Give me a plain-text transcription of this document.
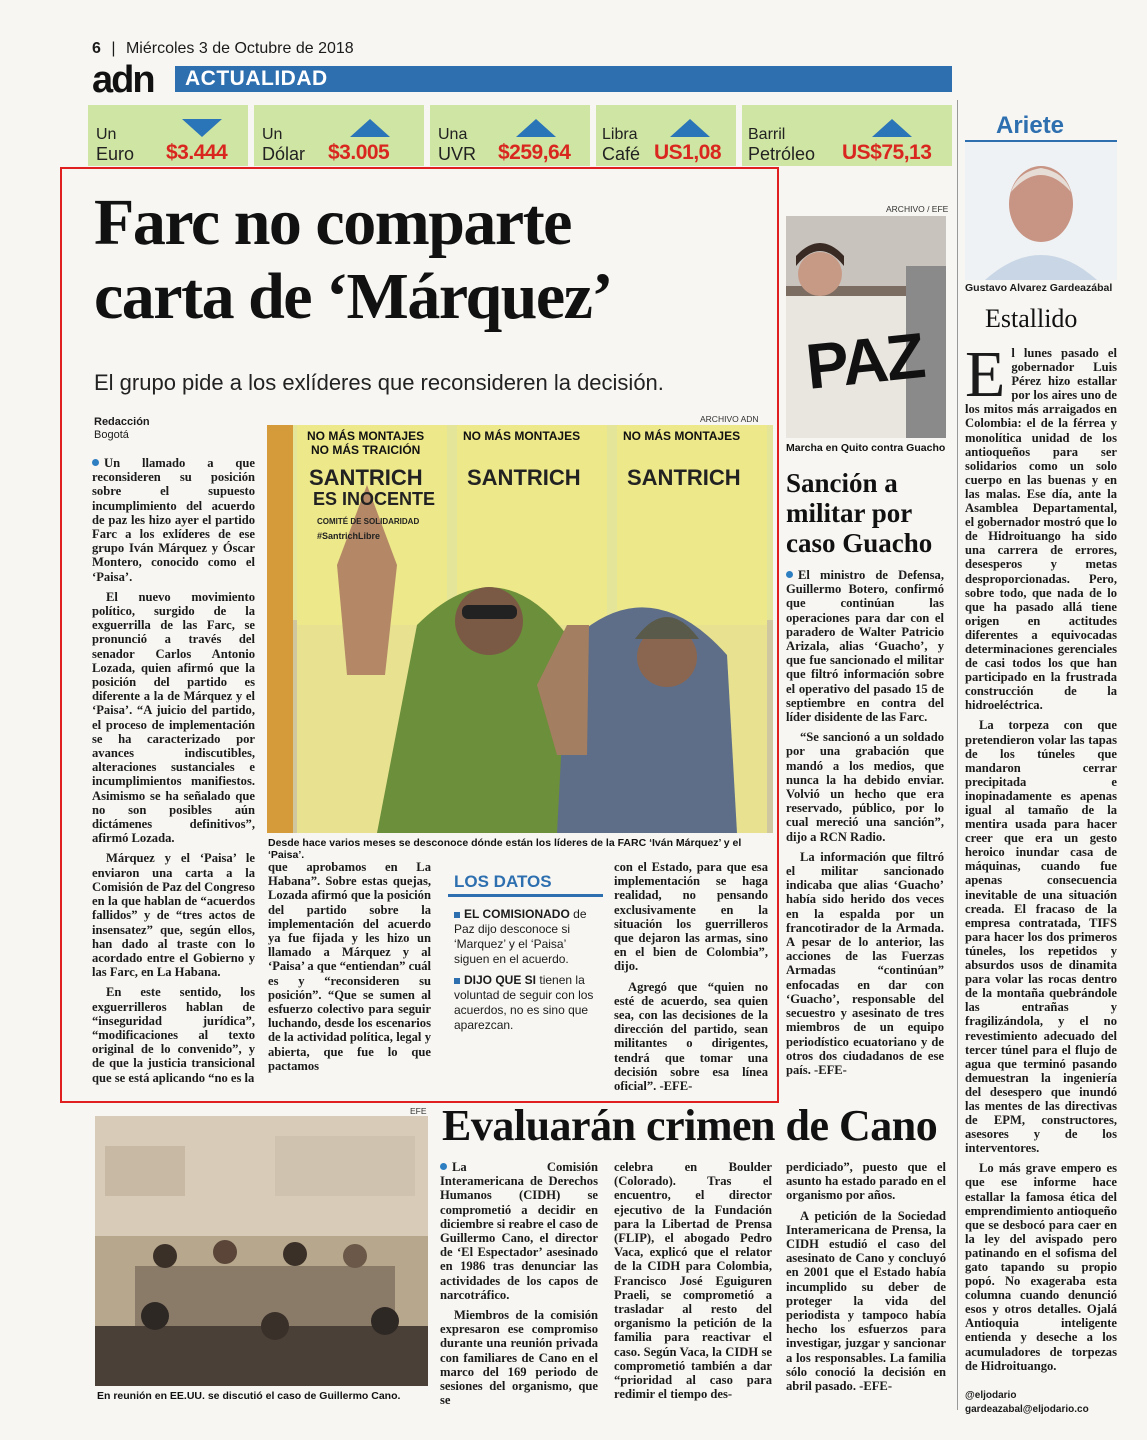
6 | Miércoles 3 de Octubre de 2018
adn ACTUALIDAD
Un
Euro $3.444
Un
Dólar $3.005
Una
UVR $259,64
Libra
Café US1,08
Barril
Petróleo US$75,13
Farc no comparte
carta de ‘Márquez’
El grupo pide a los exlíderes que reconsideren la decisión.
Redacción
Bogotá

Un llamado a que reconsideren su posición sobre el supuesto incumplimiento del acuerdo de paz les hizo ayer el partido Farc a los exlíderes de ese grupo Iván Márquez y Óscar Montero, conocido como el ‘Paisa’.

El nuevo movimiento político, surgido de la exguerrilla de las Farc, se pronunció a través del senador Carlos Antonio Lozada, quien afirmó que la posición del partido es diferente a la de Márquez y el ‘Paisa’. “A juicio del partido, el proceso de implementación se ha caracterizado por avances indiscutibles, alteraciones sustanciales e incumplimientos manifiestos. Asimismo se ha señalado que no son posibles aún dictámenes definitivos”, afirmó Lozada.

Márquez y el ‘Paisa’ le enviaron una carta a la Comisión de Paz del Congreso en la que hablan de “acuerdos fallidos” y de “tres actos de insensatez” que, según ellos, han dado al traste con lo acordado entre el Gobierno y las Farc, en La Habana.

En este sentido, los exguerrilleros hablan de “inseguridad jurídica”, “modificaciones al texto original de lo convenido”, y de que la justicia transicional que se está aplicando “no es la

ARCHIVO ADN
NO MÁS MONTAJES
NO MÁS TRAICIÓN
SANTRICH
ES INOCENTE
COMITÉ DE SOLIDARIDAD
#SantrichLibre
NO MÁS MONTAJES
SANTRICH
NO MÁS MONTAJES
SANTRICH
Desde hace varios meses se desconoce dónde están los líderes de la FARC ‘Iván Márquez’ y el ‘Paisa’.

que aprobamos en La Habana”. Sobre estas quejas, Lozada afirmó que la posición del partido sobre la implementación del acuerdo ya fue fijada y les hizo un llamado a Márquez y al ‘Paisa’ a que “entiendan” cuál es y “reconsideren su posición”. “Que se sumen al esfuerzo colectivo para seguir luchando, desde los escenarios de la actividad política, legal y abierta, que fue lo que pactamos

LOS DATOS
EL COMISIONADO de Paz dijo desconoce si ‘Marquez’ y el ‘Paisa’ siguen en el acuerdo.
DIJO QUE SI tienen la voluntad de seguir con los acuerdos, no es sino que aparezcan.

con el Estado, para que esa implementación se haga realidad, no pensando exclusivamente en la situación los guerrilleros que dejaron las armas, sino en el bien de Colombia”, dijo.

Agregó que “quien no esté de acuerdo, sea quien sea, con las decisiones de la dirección del partido, sean militantes o dirigentes, tendrá que tomar una decisión sobre esa línea oficial”. -EFE-

ARCHIVO / EFE
PAZ
Marcha en Quito contra Guacho
Sanción a militar por caso Guacho

El ministro de Defensa, Guillermo Botero, confirmó que continúan las operaciones para dar con el paradero de Walter Patricio Arizala, alias ‘Guacho’, y que fue sancionado el militar que filtró información sobre el operativo del pasado 15 de septiembre en contra del líder disidente de las Farc.

“Se sancionó a un soldado por una grabación que mandó a los medios, que nunca la ha debido enviar. Volvió un hecho que era reservado, público, por lo cual mereció una sanción”, dijo a RCN Radio.

La información que filtró el militar sancionado indicaba que alias ‘Guacho’ había sido herido dos veces en la espalda por un francotirador de la Armada. A pesar de lo anterior, las acciones de las Fuerzas Armadas “continúan” enfocadas en dar con ‘Guacho’, responsable del secuestro y asesinato de tres miembros de un equipo periodístico ecuatoriano y de otros dos ciudadanos de ese país. -EFE-

Ariete
Gustavo Alvarez Gardeazábal
Estallido

El lunes pasado el gobernador Luis Pérez hizo estallar por los aires uno de los mitos más arraigados en Colombia: el de la férrea y monolítica unidad de los antioqueños para ser solidarios como un solo cuerpo en las buenas y en las malas. Ese día, ante la Asamblea Departamental, el gobernador mostró que lo de Hidroituango ha sido una carrera de errores, desesperos y metas desproporcionadas. Pero, sobre todo, que nada de lo que ha pasado allá tiene origen en actitudes diferentes a equivocadas determinaciones gerenciales de casi todos los que han participado en la frustrada construcción de la hidroeléctrica.

La torpeza con que pretendieron volar las tapas de los túneles que mandaron cerrar precipitada e inopinadamente es apenas igual al tamaño de la mentira usada para hacer creer que era un gesto heroico inundar casa de máquinas, cuando fue apenas consecuencia inevitable de una situación creada. El fracaso de la empresa contratada, TIFS para hacer los dos primeros túneles, los repetidos y absurdos usos de dinamita para volar las rocas dentro de la montaña quebrándole las entrañas y fragilizándola, y el no revestimiento adecuado del tercer túnel para el flujo de agua que terminó pasando demuestran la ingeniería del desespero que inundó las mentes de las directivas de EPM, constructores, asesores y de los interventores.

Lo más grave empero es que ese informe hace estallar la famosa ética del emprendimiento antioqueño que se desbocó para caer en la ley del avispado pero patinando en el sofisma del gato tapando su propio popó. No exageraba esta columna cuando denunció esos y otros detalles. Ojalá Antioquia inteligente entienda y deseche a los acumuladores de torpezas de Hidroituango.

@eljodario
gardeazabal@eljodario.co
EFE
En reunión en EE.UU. se discutió el caso de Guillermo Cano.
Evaluarán crimen de Cano

La Comisión Interamericana de Derechos Humanos (CIDH) se comprometió a decidir en diciembre si reabre el caso de Guillermo Cano, el director de ‘El Espectador’ asesinado en 1986 tras denunciar las actividades de los capos de narcotráfico.

Miembros de la comisión expresaron ese compromiso durante una reunión privada con familiares de Cano en el marco del 169 periodo de sesiones del organismo, que se

celebra en Boulder (Colorado). Tras el encuentro, el director ejecutivo de la Fundación para la Libertad de Prensa (FLIP), el abogado Pedro Vaca, explicó que el relator de la CIDH para Colombia, Francisco José Eguiguren Praeli, se comprometió a trasladar al resto del organismo la petición de la familia para reactivar el caso. Según Vaca, la CIDH se comprometió también a dar “prioridad al caso para redimir el tiempo des-

perdiciado”, puesto que el asunto ha estado parado en el organismo por años.

A petición de la Sociedad Interamericana de Prensa, la CIDH estudió el caso del asesinato de Cano y concluyó en 2001 que el Estado había incumplido su deber de proteger la vida del periodista y tampoco había hecho los esfuerzos para investigar, juzgar y sancionar a los responsables. La familia sólo conoció la decisión en abril pasado. -EFE-
